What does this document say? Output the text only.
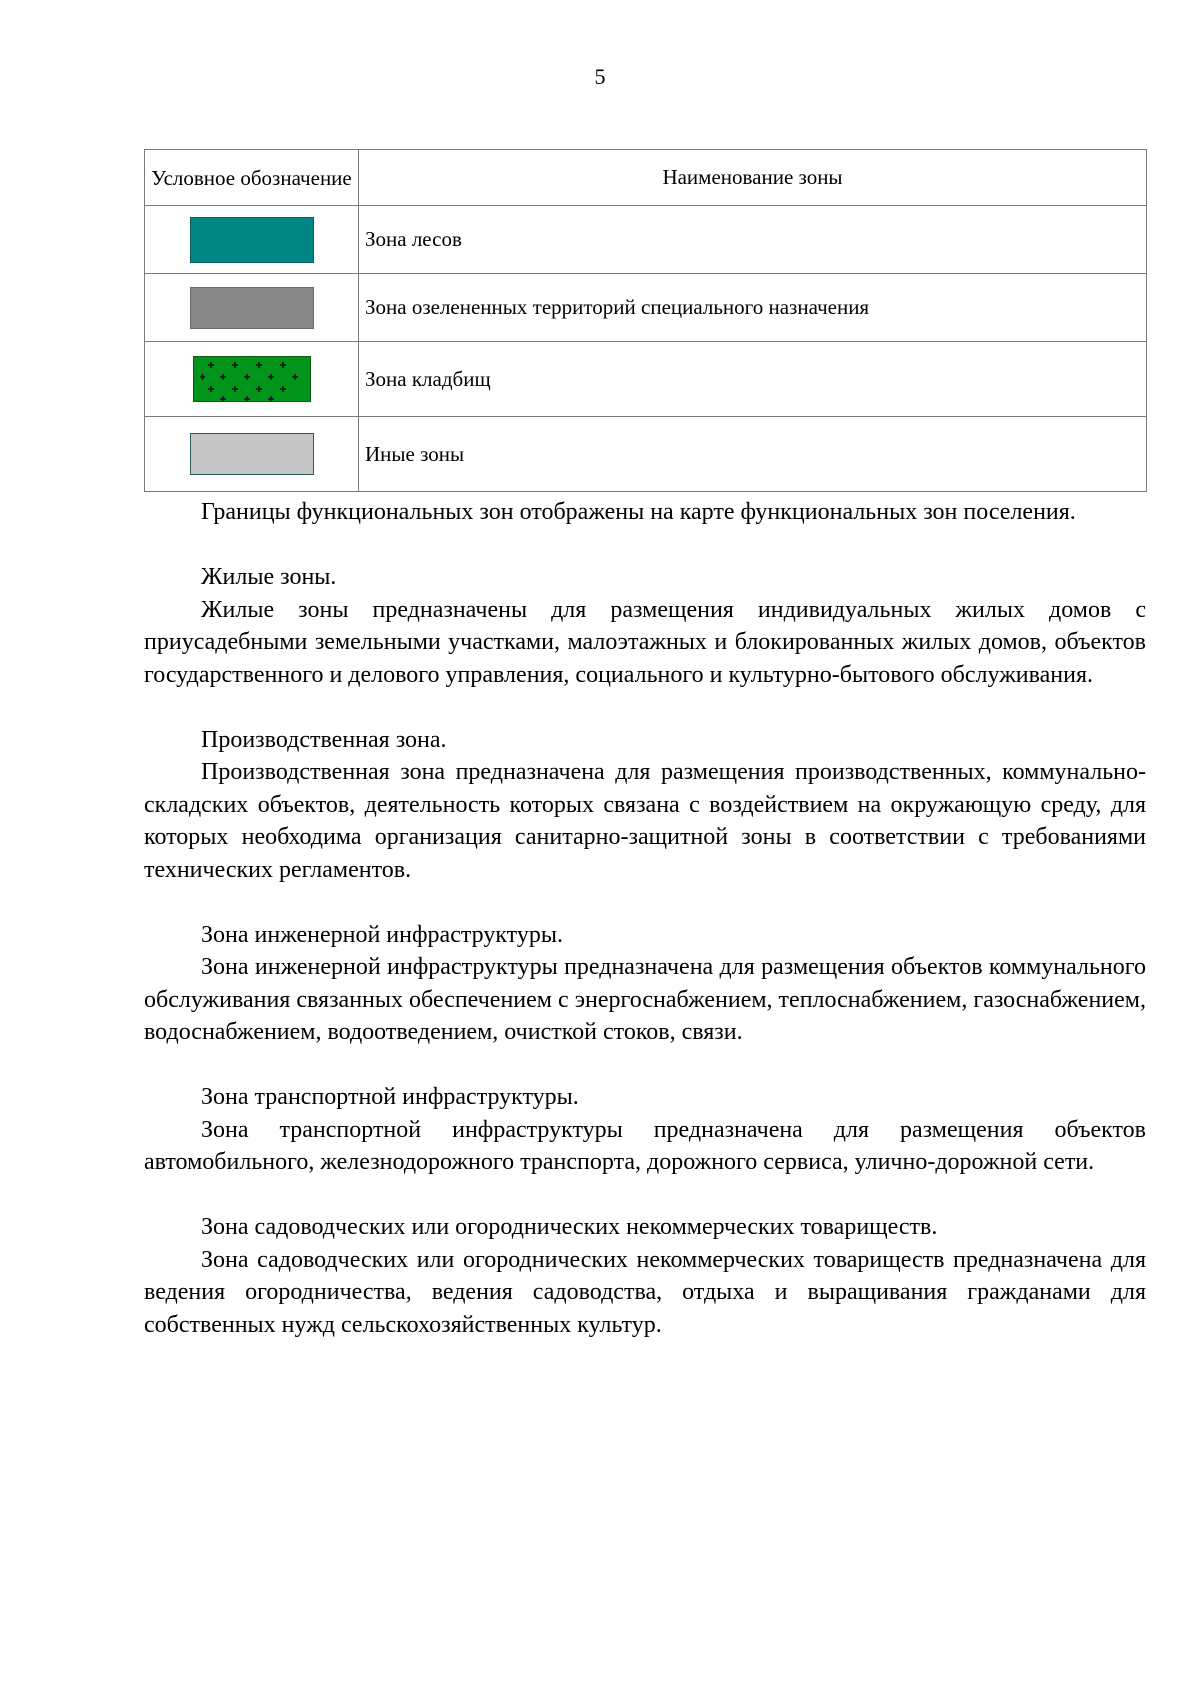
5
Условное обозначение	Наименование зоны
	Зона лесов
	Зона озелененных территорий специального назначения

	Зона кладбищ
	Иные зоны

Границы функциональных зон отображены на карте функциональных зон поселения.

Жилые зоны.

Жилые зоны предназначены для размещения индивидуальных жилых домов с приусадебными земельными участками, малоэтажных и блокированных жилых домов, объектов государственного и делового управления, социального и культурно-бытового обслуживания.

Производственная зона.

Производственная зона предназначена для размещения производственных, коммунально-складских объектов, деятельность которых связана с воздействием на окружающую среду, для которых необходима организация санитарно-защитной зоны в соответствии с требованиями технических регламентов.

Зона инженерной инфраструктуры.

Зона инженерной инфраструктуры предназначена для размещения объектов коммунального обслуживания связанных обеспечением с энергоснабжением, теплоснабжением, газоснабжением, водоснабжением, водоотведением, очисткой стоков, связи.

Зона транспортной инфраструктуры.

Зона транспортной инфраструктуры предназначена для размещения объектов автомобильного, железнодорожного транспорта, дорожного сервиса, улично-дорожной сети.

Зона садоводческих или огороднических некоммерческих товариществ.

Зона садоводческих или огороднических некоммерческих товариществ предназначена для ведения огородничества, ведения садоводства, отдыха и выращивания гражданами для собственных нужд сельскохозяйственных культур.
